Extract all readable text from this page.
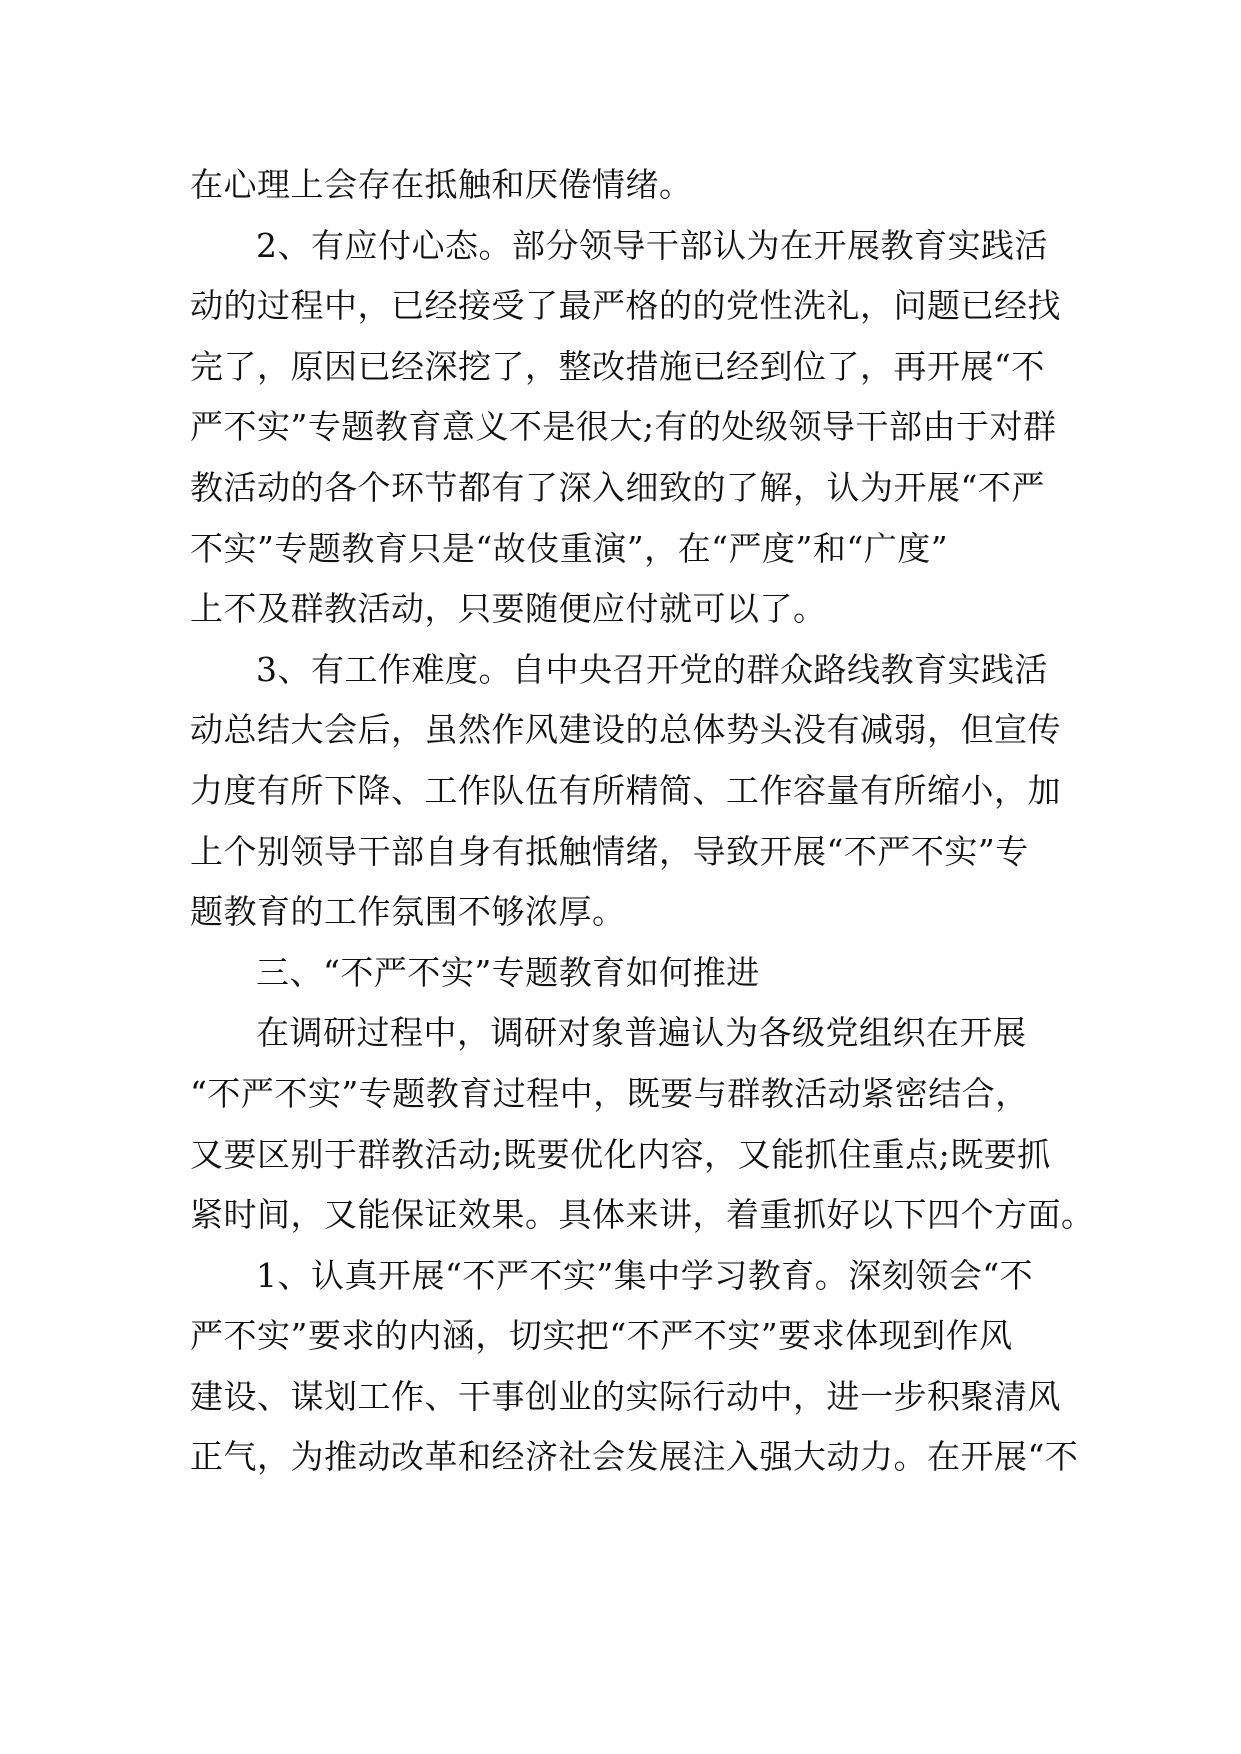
在心理上会存在抵触和厌倦情绪。
2、有应付心态。部分领导干部认为在开展教育实践活
动的过程中，已经接受了最严格的的党性洗礼，问题已经找
完了，原因已经深挖了，整改措施已经到位了，再开展“不
严不实”专题教育意义不是很大;有的处级领导干部由于对群
教活动的各个环节都有了深入细致的了解，认为开展“不严
不实”专题教育只是“故伎重演”，在“严度”和“广度”
上不及群教活动，只要随便应付就可以了。
3、有工作难度。自中央召开党的群众路线教育实践活
动总结大会后，虽然作风建设的总体势头没有减弱，但宣传
力度有所下降、工作队伍有所精简、工作容量有所缩小，加
上个别领导干部自身有抵触情绪，导致开展“不严不实”专
题教育的工作氛围不够浓厚。
三、“不严不实”专题教育如何推进
在调研过程中，调研对象普遍认为各级党组织在开展
“不严不实”专题教育过程中，既要与群教活动紧密结合，
又要区别于群教活动;既要优化内容，又能抓住重点;既要抓
紧时间，又能保证效果。具体来讲，着重抓好以下四个方面。
1、认真开展“不严不实”集中学习教育。深刻领会“不
严不实”要求的内涵，切实把“不严不实”要求体现到作风
建设、谋划工作、干事创业的实际行动中，进一步积聚清风
正气，为推动改革和经济社会发展注入强大动力。在开展“不
